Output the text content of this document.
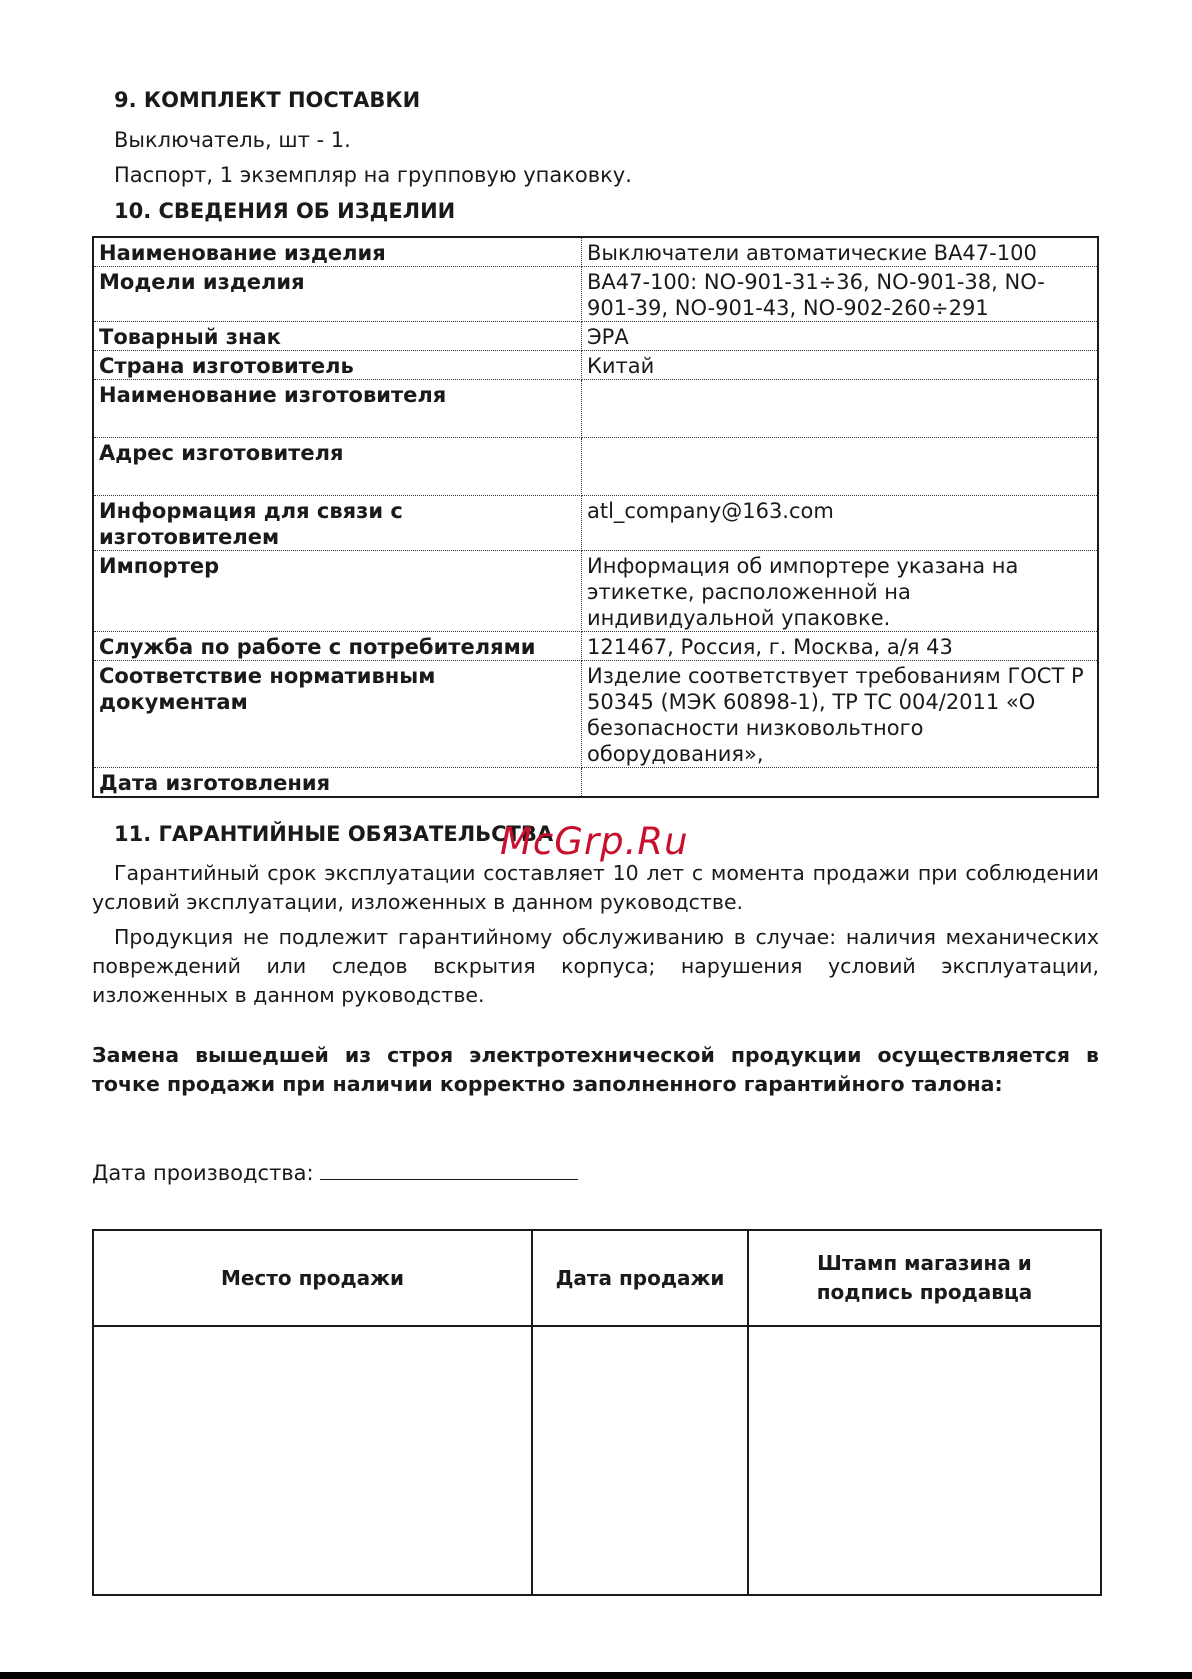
9. КОМПЛЕКТ ПОСТАВКИ

Выключатель, шт - 1.

Паспорт, 1 экземпляр на групповую упаковку.

10. СВЕДЕНИЯ ОБ ИЗДЕЛИИ
Наименование изделия	Выключатели автоматические ВА47-100
Модели изделия	ВА47-100: NO-901-31÷36, NO-901-38, NO-901-39, NO-901-43, NO-902-260÷291
Товарный знак	ЭРА
Страна изготовитель	Китай
Наименование изготовителя	
Адрес изготовителя	
Информация для связи с изготовителем	atl_company@163.com
Импортер	Информация об импортере указана на этикетке, расположенной на индивидуальной упаковке.
Служба по работе с потребителями	121467, Россия, г. Москва, а/я 43
Соответствие нормативным документам	Изделие соответствует требованиям ГОСТ Р 50345 (МЭК 60898-1), ТР ТС 004/2011 «О безопасности низковольтного оборудования»,
Дата изготовления	
11. ГАРАНТИЙНЫЕ ОБЯЗАТЕЛЬСТВА
McGrp.Ru

Гарантийный срок эксплуатации составляет 10 лет с момента продажи при соблюдении условий эксплуатации, изложенных в данном руководстве.

Продукция не подлежит гарантийному обслуживанию в случае: наличия механических повреждений или следов вскрытия корпуса; нарушения условий эксплуатации, изложенных в данном руководстве.

Замена вышедшей из строя электротехнической продукции осуществляется в точке продажи при наличии корректно заполненного гарантийного талона:

Дата производства:
Место продажи	Дата продажи	Штамп магазина и подпись продавца
